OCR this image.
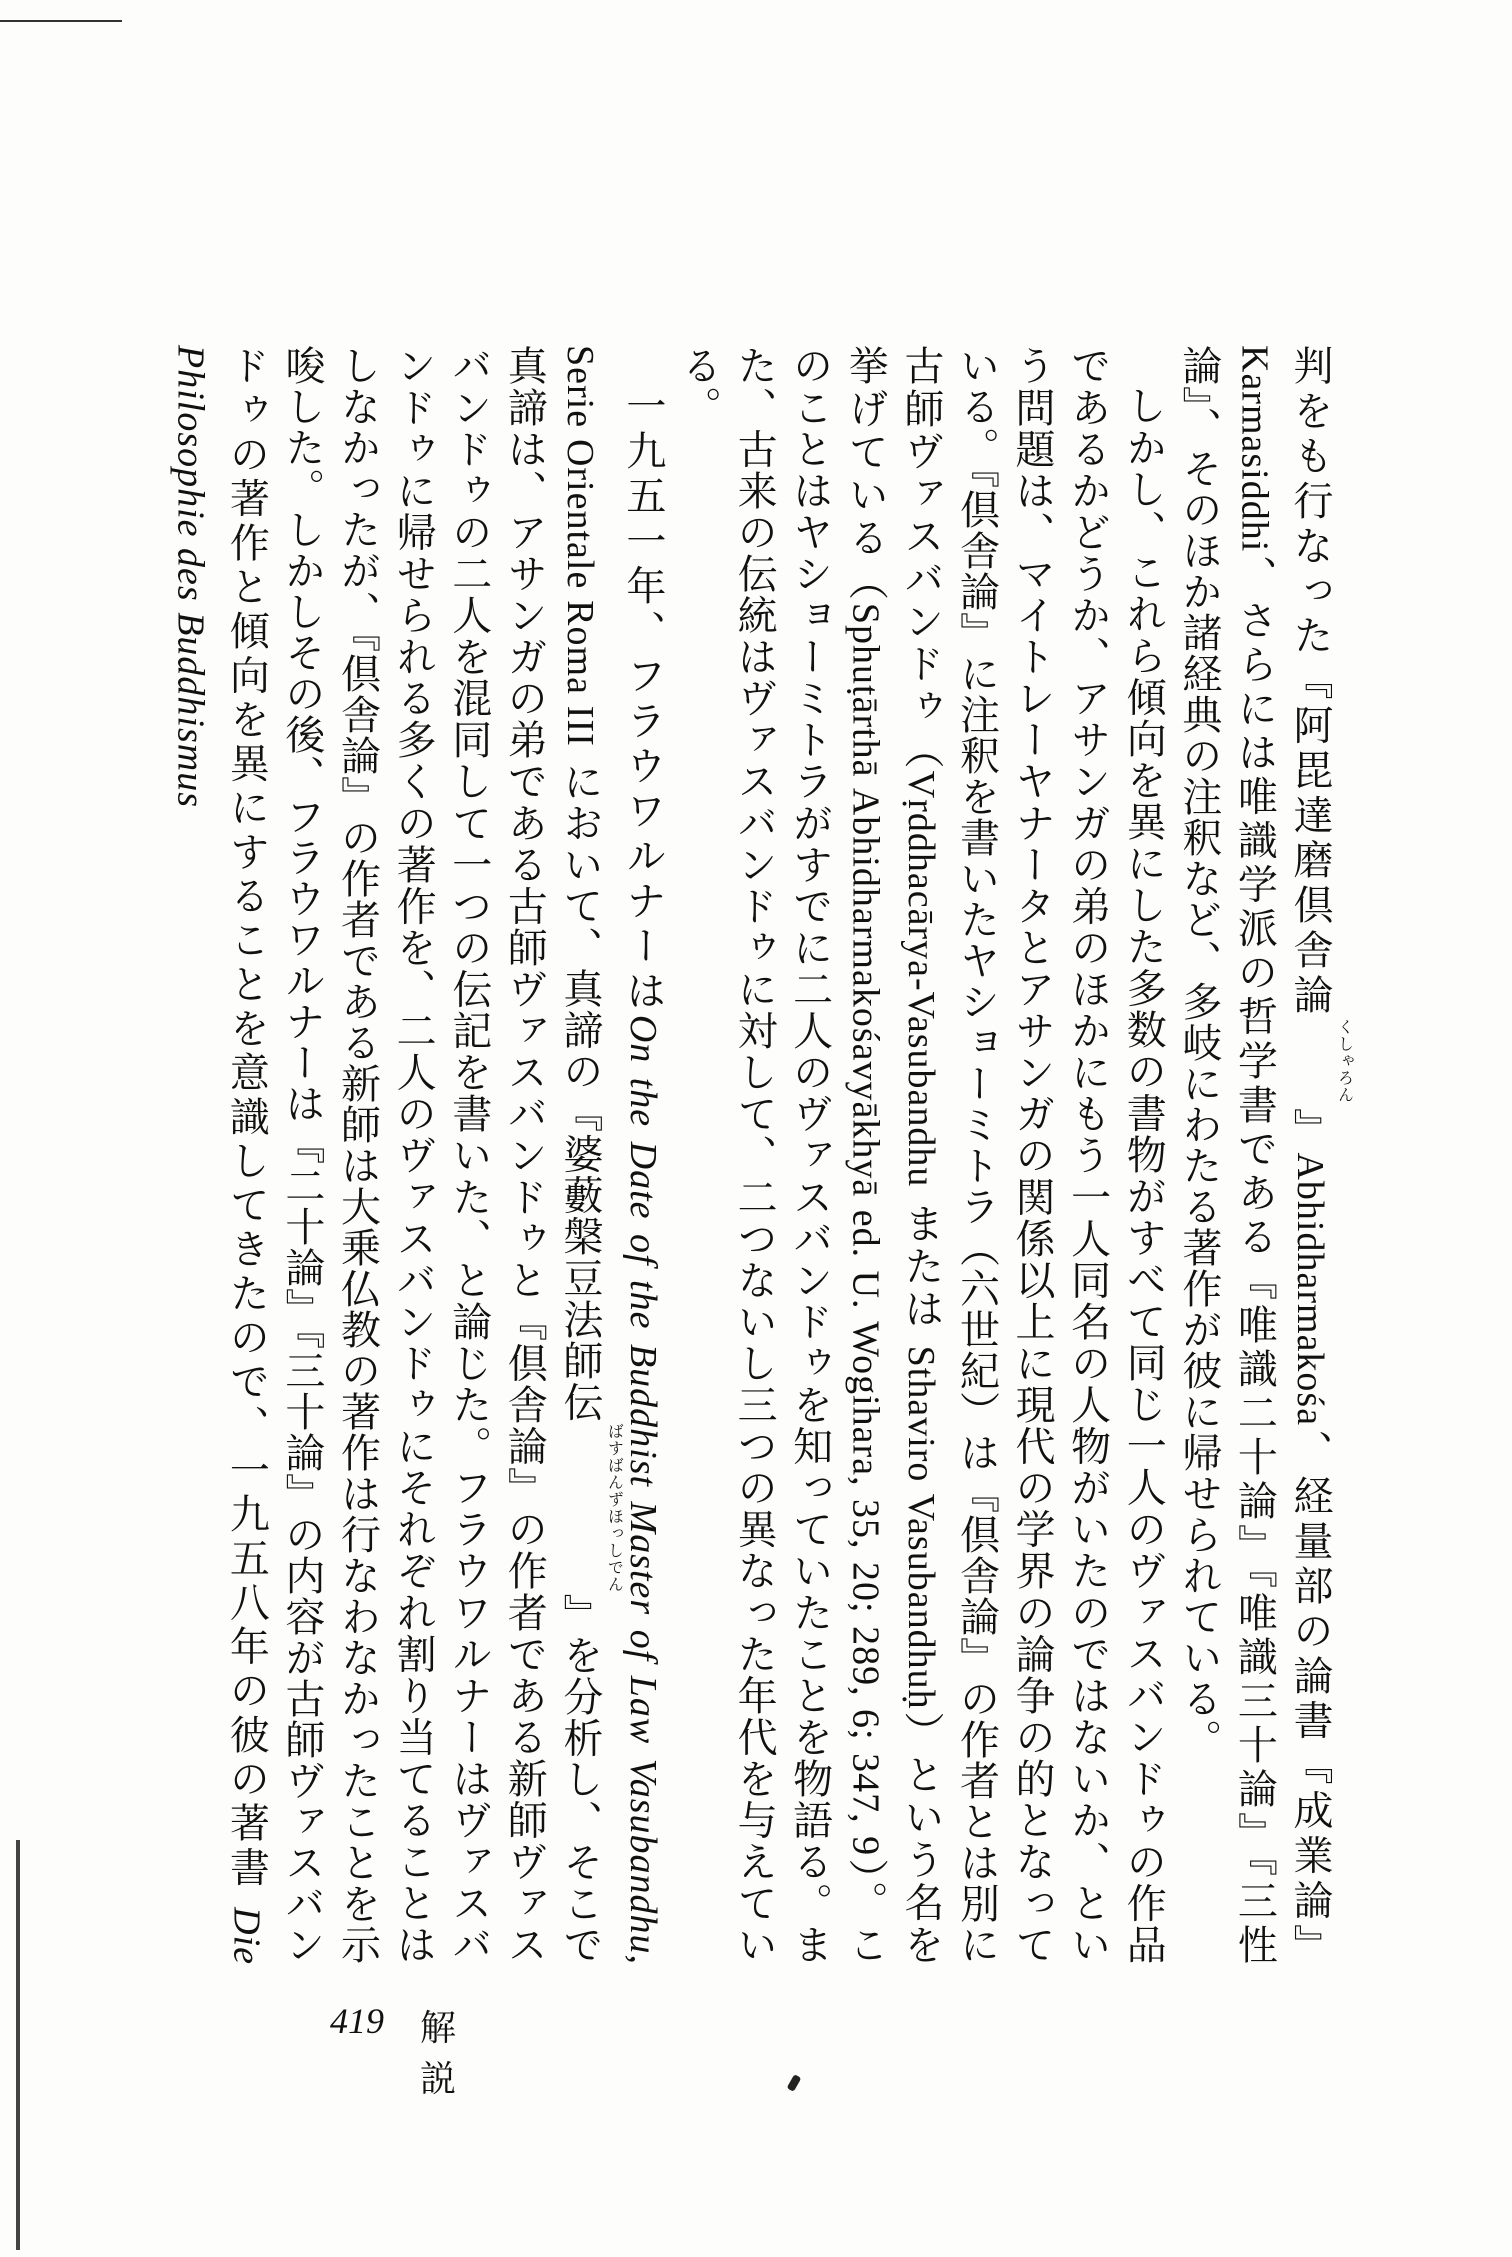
判をも行なった『阿毘達磨倶舎論くしゃろん』Abhidharmakośa、経量部の論書『成業論』Karmasiddhi、さらには唯識学派の哲学書である『唯識二十論』『唯識三十論』『三性論』、そのほか諸経典の注釈など、多岐にわたる著作が彼に帰せられている。

しかし、これら傾向を異にした多数の書物がすべて同じ一人のヴァスバンドゥの作品であるかどうか、アサンガの弟のほかにもう一人同名の人物がいたのではないか、という問題は、マイトレーヤナータとアサンガの関係以上に現代の学界の論争の的となっている。『倶舎論』に注釈を書いたヤショーミトラ（六世紀）は『倶舎論』の作者とは別に古師ヴァスバンドゥ（Vṛddhacārya-Vasubandhu または Sthaviro Vasubandhuḥ）という名を挙げている（Sphuṭārthā Abhidharmakośavyākhyā ed. U. Wogihara, 35, 20; 289, 6; 347, 9）。このことはヤショーミトラがすでに二人のヴァスバンドゥを知っていたことを物語る。また、古来の伝統はヴァスバンドゥに対して、二つないし三つの異なった年代を与えている。

一九五一年、フラウワルナーはOn the Date of the Buddhist Master of Law Vasubandhu, Serie Orientale Roma III において、真諦の『婆藪槃豆法師伝ばすばんずほっしでん』を分析し、そこで真諦は、アサンガの弟である古師ヴァスバンドゥと『倶舎論』の作者である新師ヴァスバンドゥの二人を混同して一つの伝記を書いた、と論じた。フラウワルナーはヴァスバンドゥに帰せられる多くの著作を、二人のヴァスバンドゥにそれぞれ割り当てることはしなかったが、『倶舎論』の作者である新師は大乗仏教の著作は行なわなかったことを示唆した。しかしその後、フラウワルナーは『二十論』『三十論』の内容が古師ヴァスバンドゥの著作と傾向を異にすることを意識してきたので、一九五八年の彼の著書 Die Philosophie des Buddhismus

419 解 説
